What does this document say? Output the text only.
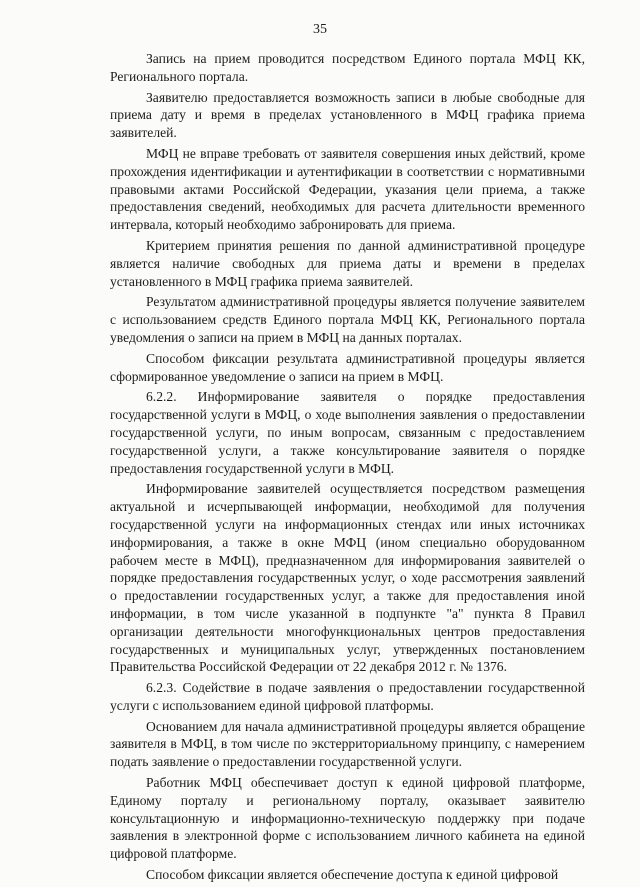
35

Запись на прием проводится посредством Единого портала МФЦ КК, Регионального портала.

Заявителю предоставляется возможность записи в любые свободные для приема дату и время в пределах установленного в МФЦ графика приема заявителей.

МФЦ не вправе требовать от заявителя совершения иных действий, кроме прохождения идентификации и аутентификации в соответствии с нормативными правовыми актами Российской Федерации, указания цели приема, а также предоставления сведений, необходимых для расчета длительности временного интервала, который необходимо забронировать для приема.

Критерием принятия решения по данной административной процедуре является наличие свободных для приема даты и времени в пределах установленного в МФЦ графика приема заявителей.

Результатом административной процедуры является получение заявителем с использованием средств Единого портала МФЦ КК, Регионального портала уведомления о записи на прием в МФЦ на данных порталах.

Способом фиксации результата административной процедуры является сформированное уведомление о записи на прием в МФЦ.

6.2.2. Информирование заявителя о порядке предоставления государственной услуги в МФЦ, о ходе выполнения заявления о предоставлении государственной услуги, по иным вопросам, связанным с предоставлением государственной услуги, а также консультирование заявителя о порядке предоставления государственной услуги в МФЦ.

Информирование заявителей осуществляется посредством размещения актуальной и исчерпывающей информации, необходимой для получения государственной услуги на информационных стендах или иных источниках информирования, а также в окне МФЦ (ином специально оборудованном рабочем месте в МФЦ), предназначенном для информирования заявителей о порядке предоставления государственных услуг, о ходе рассмотрения заявлений о предоставлении государственных услуг, а также для предоставления иной информации, в том числе указанной в подпункте "а" пункта 8 Правил организации деятельности многофункциональных центров предоставления государственных и муниципальных услуг, утвержденных постановлением Правительства Российской Федерации от 22 декабря 2012 г. № 1376.

6.2.3. Содействие в подаче заявления о предоставлении государственной услуги с использованием единой цифровой платформы.

Основанием для начала административной процедуры является обращение заявителя в МФЦ, в том числе по экстерриториальному принципу, с намерением подать заявление о предоставлении государственной услуги.

Работник МФЦ обеспечивает доступ к единой цифровой платформе, Единому порталу и региональному порталу, оказывает заявителю консультационную и информационно-техническую поддержку при подаче заявления в электронной форме с использованием личного кабинета на единой цифровой платформе.

Способом фиксации является обеспечение доступа к единой цифровой
